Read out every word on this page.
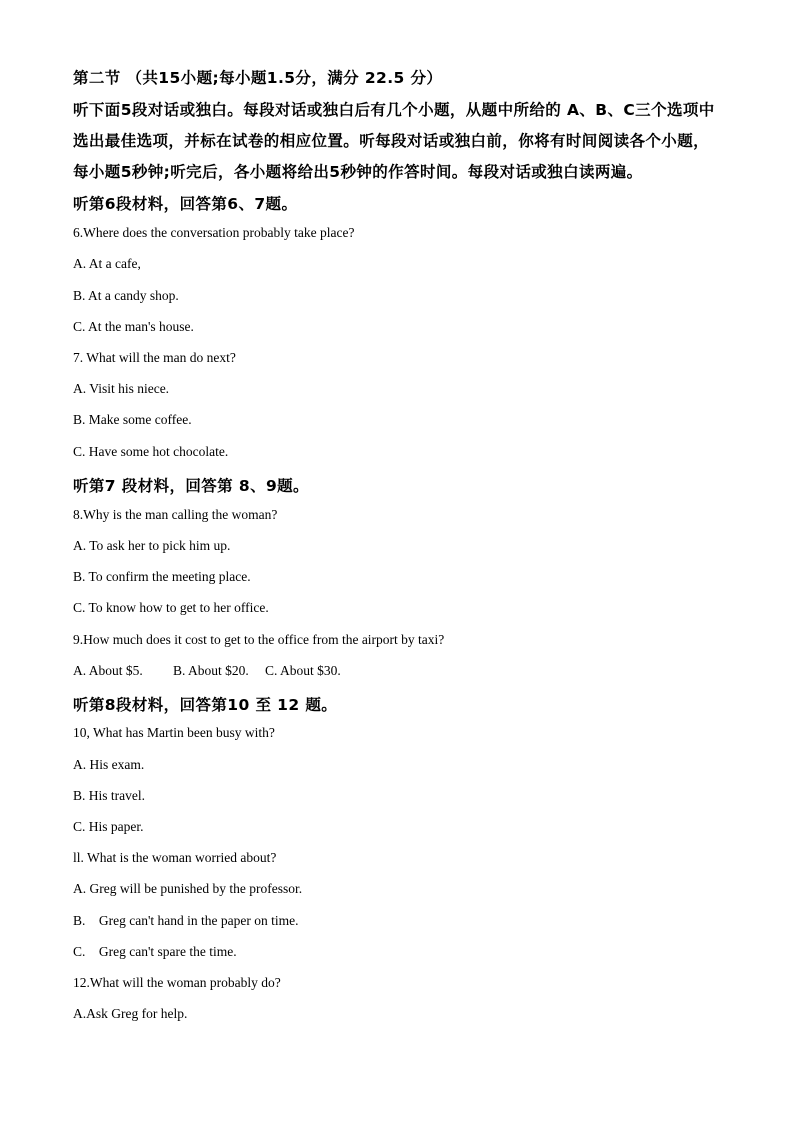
第二节 （共15小题;每小题1.5分，满分 22.5 分）
听下面5段对话或独白。每段对话或独白后有几个小题，从题中所给的 A、B、C三个选项中
选出最佳选项，并标在试卷的相应位置。听每段对话或独白前，你将有时间阅读各个小题，
每小题5秒钟;听完后，各小题将给出5秒钟的作答时间。每段对话或独白读两遍。
听第6段材料，回答第6、7题。
6.Where does the conversation probably take place?
A. At a cafe,
B. At a candy shop.
C. At the man's house.
7. What will the man do next?
A. Visit his niece.
B. Make some coffee.
C. Have some hot chocolate.
听第7 段材料，回答第 8、9题。
8.Why is the man calling the woman?
A. To ask her to pick him up.
B. To confirm the meeting place.
C. To know how to get to her office.
9.How much does it cost to get to the office from the airport by taxi?
A. About $5. B. About $20. C. About $30.
听第8段材料，回答第10 至 12 题。
10, What has Martin been busy with?
A. His exam.
B. His travel.
C. His paper.
ll. What is the woman worried about?
A. Greg will be punished by the professor.
B.    Greg can't hand in the paper on time.
C.    Greg can't spare the time.
12.What will the woman probably do?
A.Ask Greg for help.
